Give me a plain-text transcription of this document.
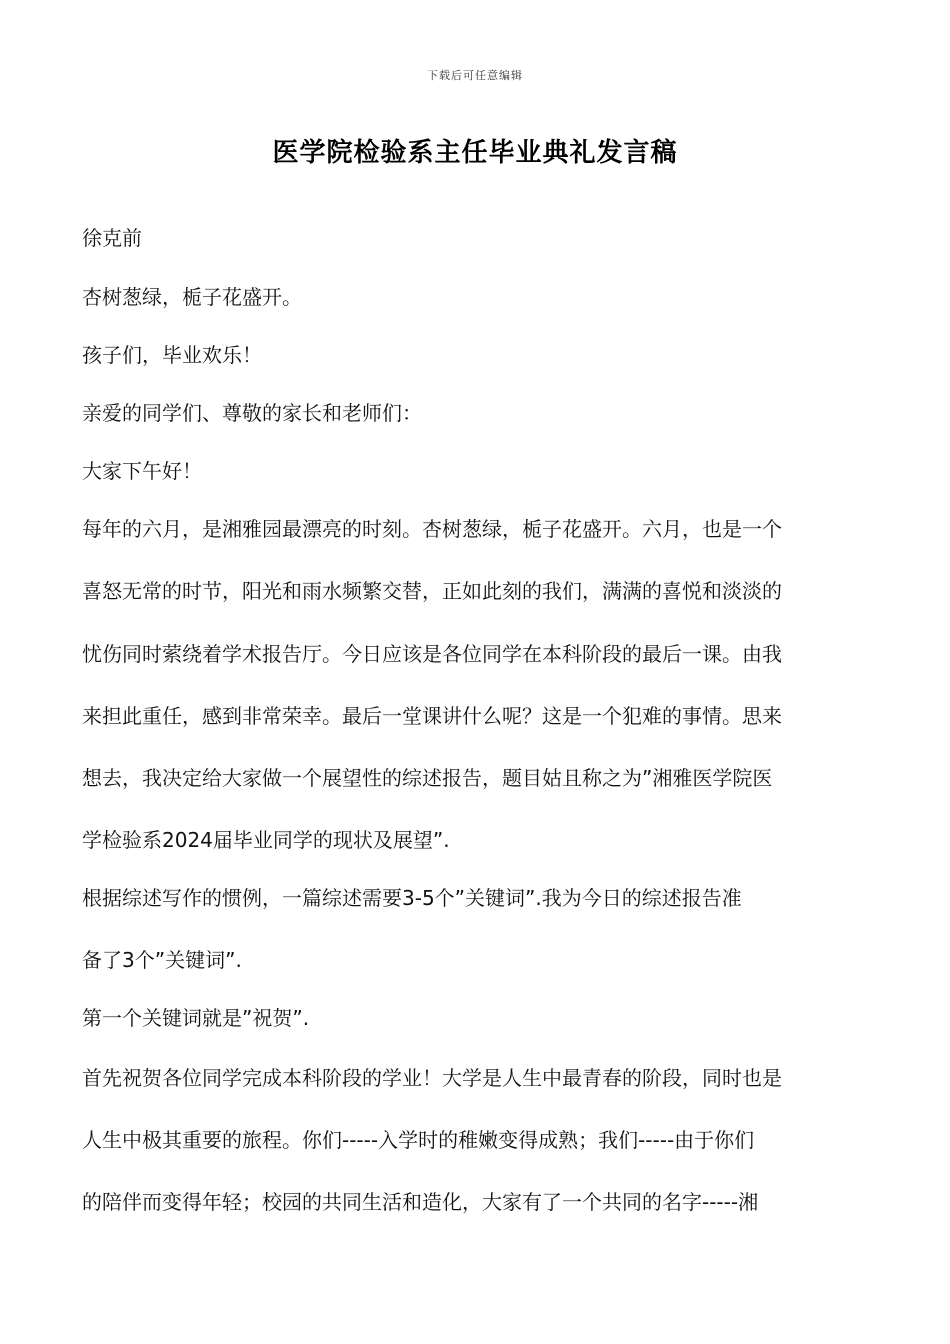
下载后可任意编辑
医学院检验系主任毕业典礼发言稿
徐克前
杏树葱绿，栀子花盛开。
孩子们，毕业欢乐！
亲爱的同学们、尊敬的家长和老师们：
大家下午好！
每年的六月，是湘雅园最漂亮的时刻。杏树葱绿，栀子花盛开。六月，也是一个
喜怒无常的时节，阳光和雨水频繁交替，正如此刻的我们，满满的喜悦和淡淡的
忧伤同时萦绕着学术报告厅。今日应该是各位同学在本科阶段的最后一课。由我
来担此重任，感到非常荣幸。最后一堂课讲什么呢？这是一个犯难的事情。思来
想去，我决定给大家做一个展望性的综述报告，题目姑且称之为”湘雅医学院医
学检验系2024届毕业同学的现状及展望”.
根据综述写作的惯例，一篇综述需要3-5个”关键词”.我为今日的综述报告准
备了3个”关键词”.
第一个关键词就是”祝贺”.
首先祝贺各位同学完成本科阶段的学业！大学是人生中最青春的阶段，同时也是
人生中极其重要的旅程。你们-----入学时的稚嫩变得成熟；我们-----由于你们
的陪伴而变得年轻；校园的共同生活和造化，大家有了一个共同的名字-----湘
